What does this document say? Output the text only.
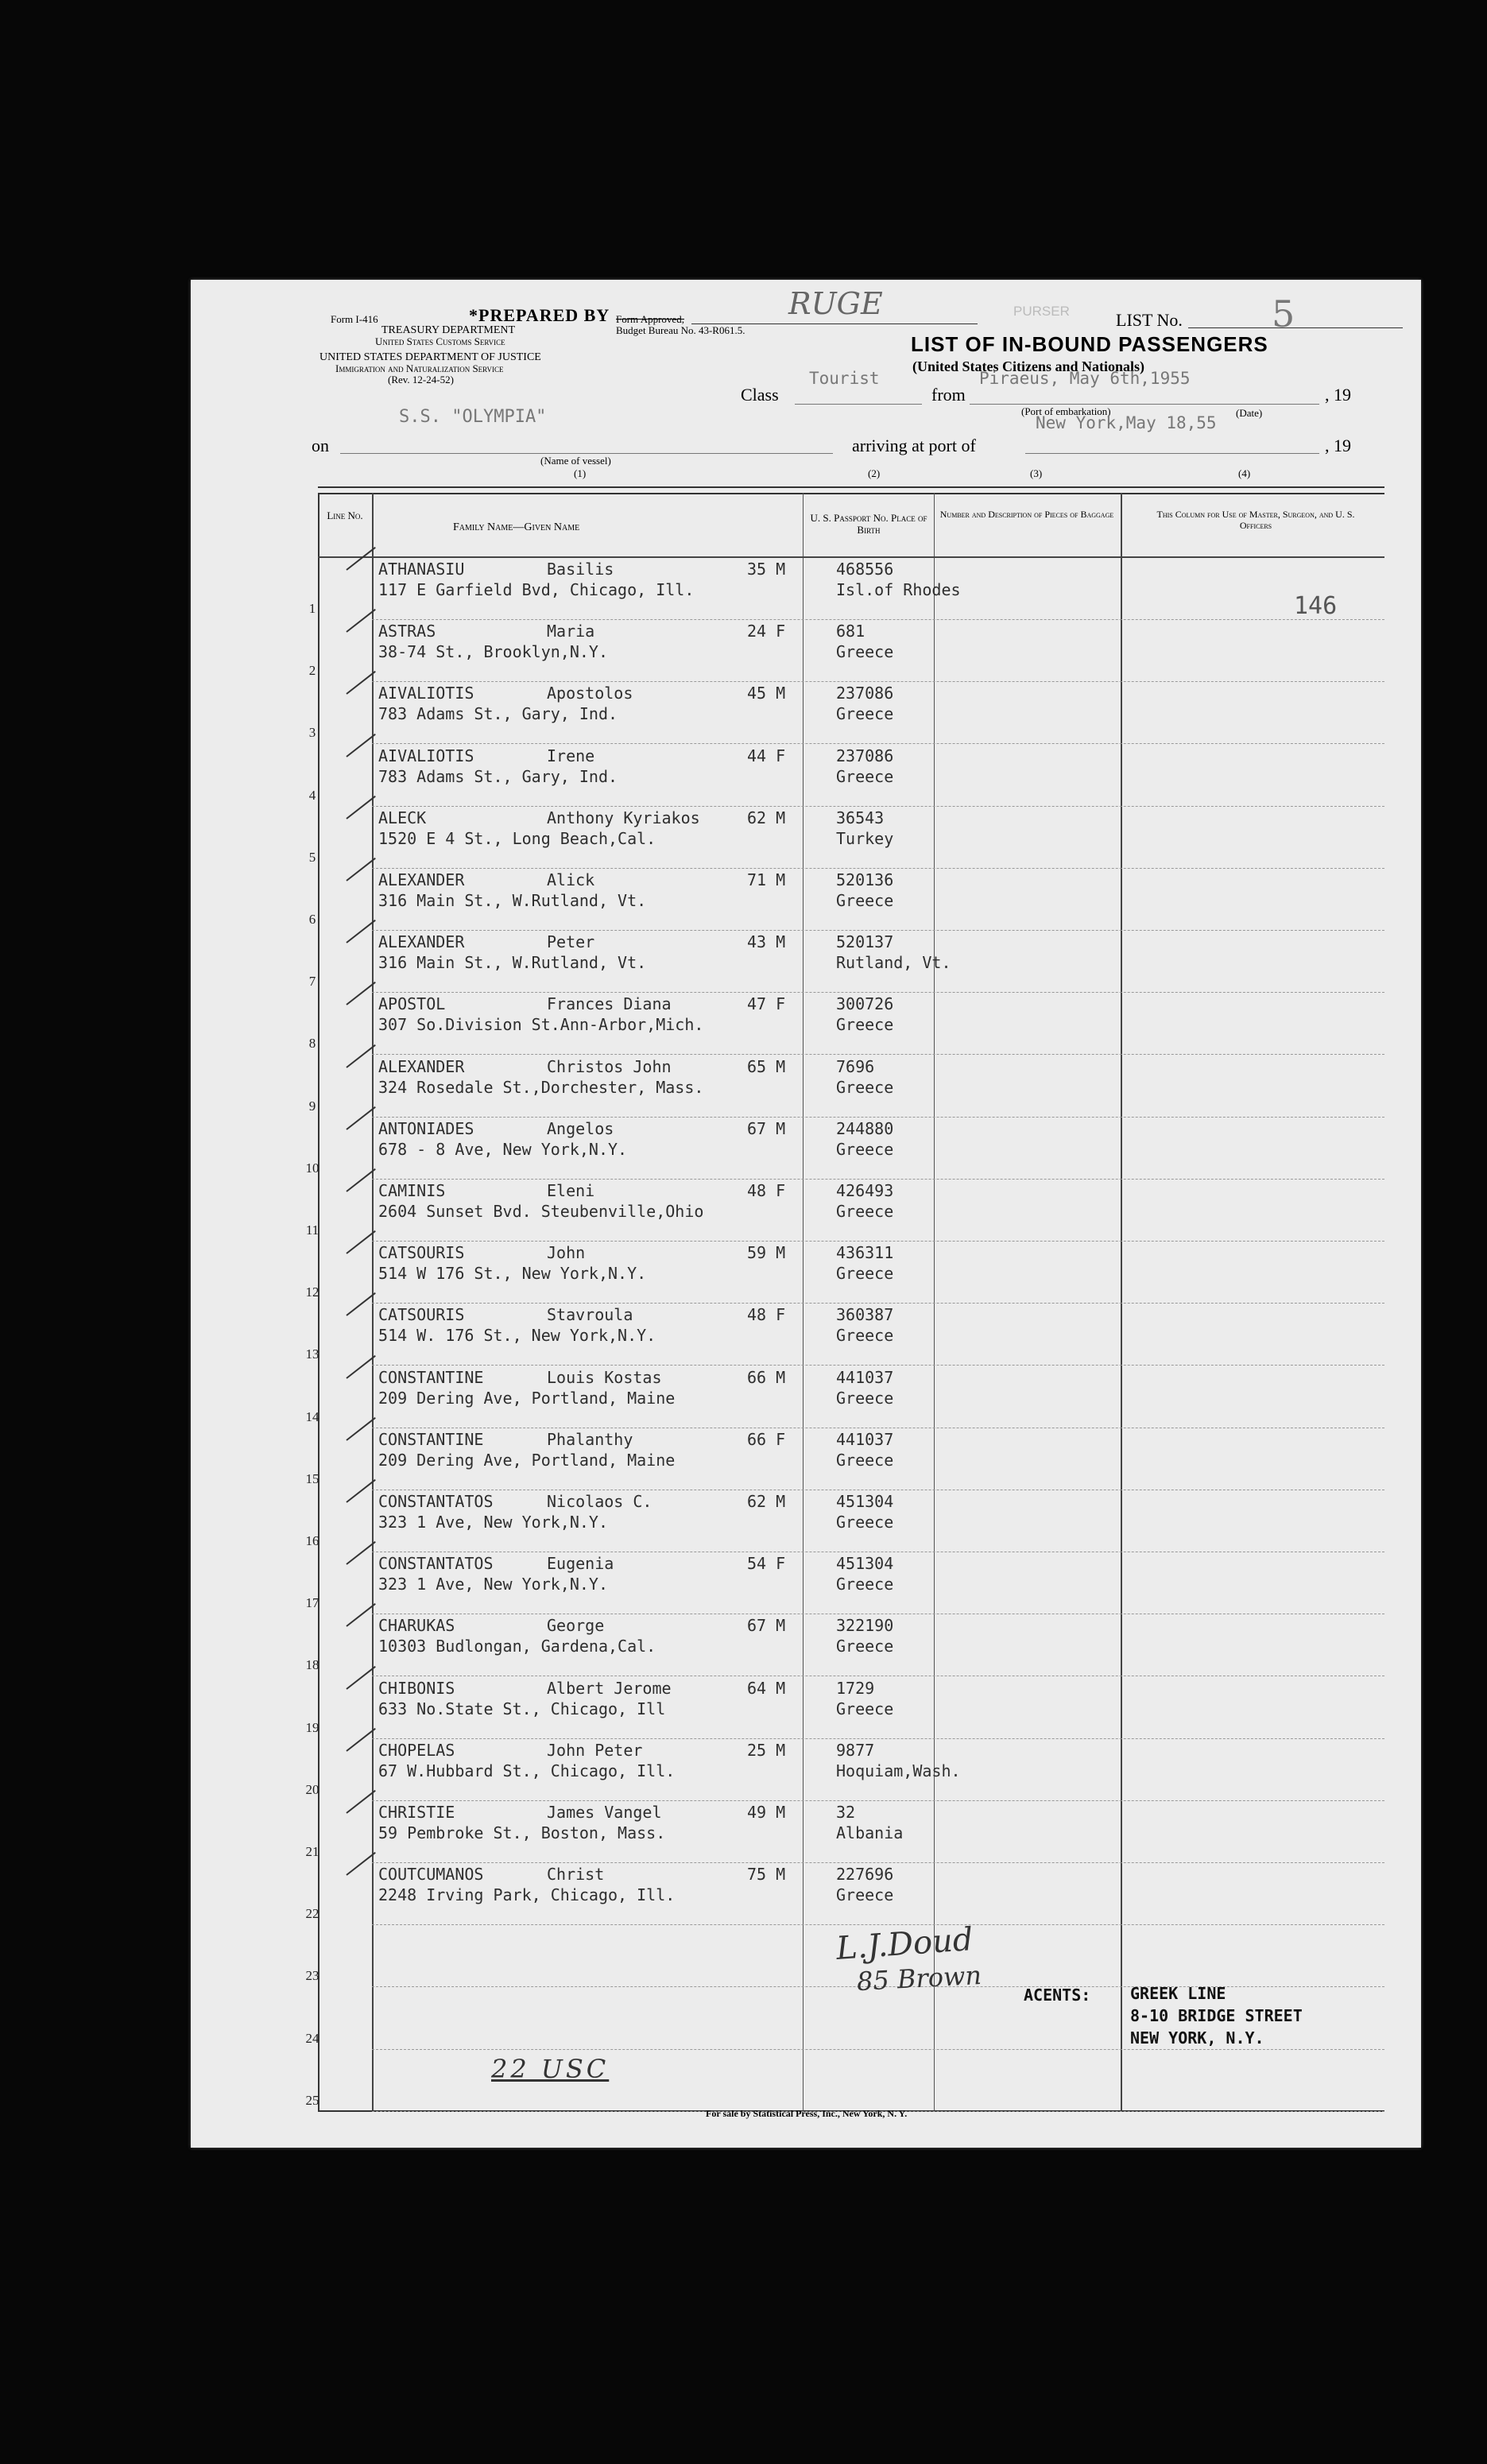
Form I-416	*PREPARED BY Form Approved,
Budget Bureau No. 43-R061.5.
RUGE	PURSER	LIST No. 5
TREASURY DEPARTMENT
United States Customs Service
UNITED STATES DEPARTMENT OF JUSTICE
Immigration and Naturalization Service
(Rev. 12-24-52)
LIST OF IN-BOUND PASSENGERS
(United States Citizens and Nationals)
Class
Tourist
from
Piraeus, May 6th,1955
, 19
(Port of embarkation)	(Date)
S.S. "OLYMPIA"
on	arriving at port of
New York,May 18,55
, 19
(Name of vessel)
(1)	(2)	(3)	(4)
Line No.
Family Name—Given Name
U. S. Passport No. Place of Birth
Number and Description of Pieces of Baggage	This Column for Use of Master, Surgeon, and U. S. Officers
1
ATHANASIU	Basilis	35 M
117 E Garfield Bvd, Chicago, Ill.
468556
Isl.of Rhodes
2
ASTRAS	Maria	24 F
38-74 St., Brooklyn,N.Y.
681
Greece
3
AIVALIOTIS	Apostolos	45 M
783 Adams St., Gary, Ind.
237086
Greece
4
AIVALIOTIS	Irene	44 F
783 Adams St., Gary, Ind.
237086
Greece
5
ALECK	Anthony Kyriakos	62 M
1520 E 4 St., Long Beach,Cal.
36543
Turkey
6
ALEXANDER	Alick	71 M
316 Main St., W.Rutland, Vt.
520136
Greece
7
ALEXANDER	Peter	43 M
316 Main St., W.Rutland, Vt.
520137
Rutland, Vt.
8
APOSTOL	Frances Diana	47 F
307 So.Division St.Ann-Arbor,Mich.
300726
Greece
9
ALEXANDER	Christos John	65 M
324 Rosedale St.,Dorchester, Mass.
7696
Greece
10
ANTONIADES	Angelos	67 M
678 - 8 Ave, New York,N.Y.
244880
Greece
11
CAMINIS	Eleni	48 F
2604 Sunset Bvd. Steubenville,Ohio
426493
Greece
12
CATSOURIS	John	59 M
514 W 176 St., New York,N.Y.
436311
Greece
13
CATSOURIS	Stavroula	48 F
514 W. 176 St., New York,N.Y.
360387
Greece
14
CONSTANTINE	Louis Kostas	66 M
209 Dering Ave, Portland, Maine
441037
Greece
15
CONSTANTINE	Phalanthy	66 F
209 Dering Ave, Portland, Maine
441037
Greece
16
CONSTANTATOS	Nicolaos C.	62 M
323 1 Ave, New York,N.Y.
451304
Greece
17
CONSTANTATOS	Eugenia	54 F
323 1 Ave, New York,N.Y.
451304
Greece
18
CHARUKAS	George	67 M
10303 Budlongan, Gardena,Cal.
322190
Greece
19
CHIBONIS	Albert Jerome	64 M
633 No.State St., Chicago, Ill
1729
Greece
20
CHOPELAS	John Peter	25 M
67 W.Hubbard St., Chicago, Ill.
9877
Hoquiam,Wash.
21
CHRISTIE	James Vangel	49 M
59 Pembroke St., Boston, Mass.
32
Albania
22
COUTCUMANOS	Christ	75 M
2248 Irving Park, Chicago, Ill.
227696
Greece
23
24
25
146
L.J.Doud
85 Brown	ACENTS: GREEK LINE
8-10 BRIDGE STREET
NEW YORK, N.Y.
22 USC
For sale by Statistical Press, Inc., New York, N. Y.
